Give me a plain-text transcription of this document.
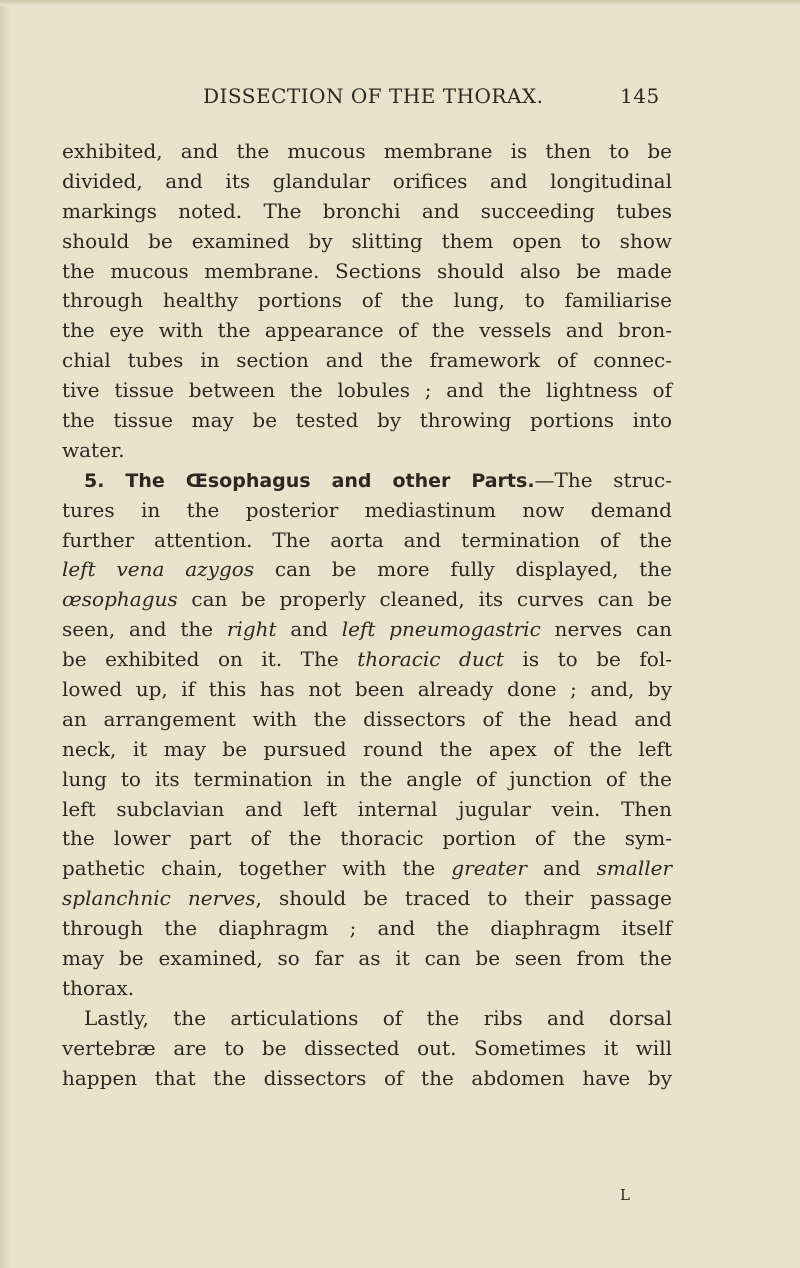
DISSECTION OF THE THORAX.	145
exhibited, and the mucous membrane is then to be
divided, and its glandular orifices and longitudinal
markings noted. The bronchi and succeeding tubes
should be examined by slitting them open to show
the mucous membrane. Sections should also be made
through healthy portions of the lung, to familiarise
the eye with the appearance of the vessels and bron-
chial tubes in section and the framework of connec-
tive tissue between the lobules ; and the lightness of
the tissue may be tested by throwing portions into
water.
5. The Œsophagus and other Parts.—The struc-
tures in the posterior mediastinum now demand
further attention. The aorta and termination of the
left vena azygos can be more fully displayed, the
œsophagus can be properly cleaned, its curves can be
seen, and the right and left pneumogastric nerves can
be exhibited on it. The thoracic duct is to be fol-
lowed up, if this has not been already done ; and, by
an arrangement with the dissectors of the head and
neck, it may be pursued round the apex of the left
lung to its termination in the angle of junction of the
left subclavian and left internal jugular vein. Then
the lower part of the thoracic portion of the sym-
pathetic chain, together with the greater and smaller
splanchnic nerves, should be traced to their passage
through the diaphragm ; and the diaphragm itself
may be examined, so far as it can be seen from the
thorax.
Lastly, the articulations of the ribs and dorsal
vertebræ are to be dissected out. Sometimes it will
happen that the dissectors of the abdomen have by
L
